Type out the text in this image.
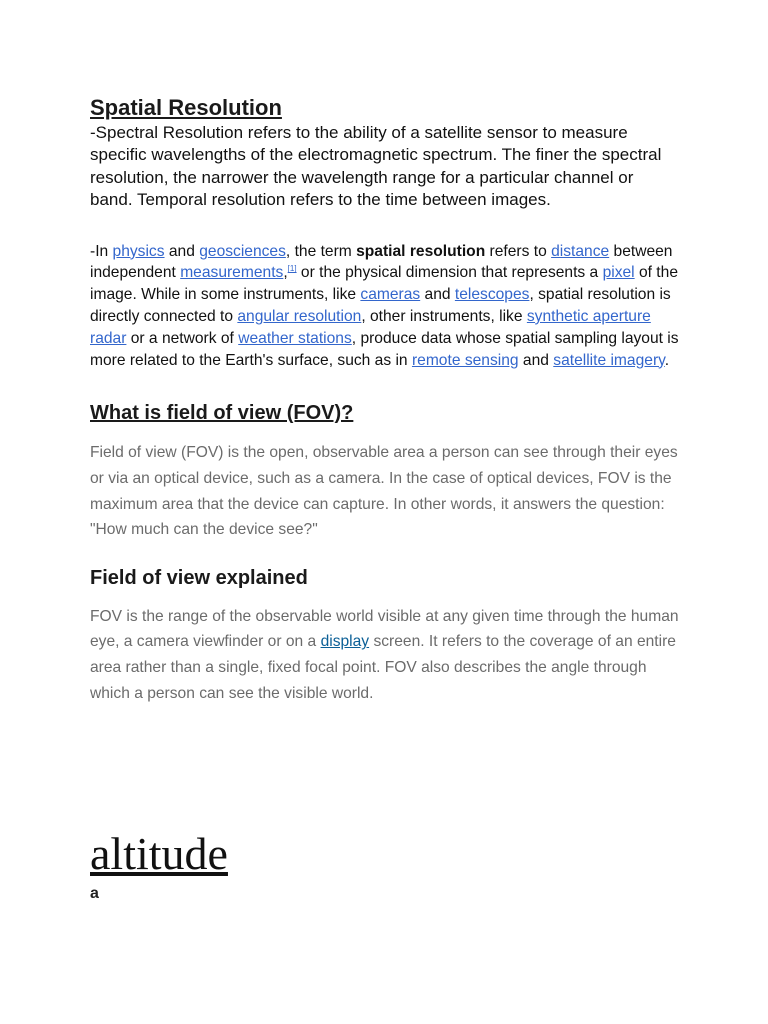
Spatial Resolution

-Spectral Resolution refers to the ability of a satellite sensor to measure specific wavelengths of the electromagnetic spectrum. The finer the spectral resolution, the narrower the wavelength range for a particular channel or band. Temporal resolution refers to the time between images.

-In physics and geosciences, the term spatial resolution refers to distance between independent measurements,[1] or the physical dimension that represents a pixel of the image. While in some instruments, like cameras and telescopes, spatial resolution is directly connected to angular resolution, other instruments, like synthetic aperture radar or a network of weather stations, produce data whose spatial sampling layout is more related to the Earth's surface, such as in remote sensing and satellite imagery.

What is field of view (FOV)?

Field of view (FOV) is the open, observable area a person can see through their eyes or via an optical device, such as a camera. In the case of optical devices, FOV is the maximum area that the device can capture. In other words, it answers the question: "How much can the device see?"

Field of view explained

FOV is the range of the observable world visible at any given time through the human eye, a camera viewfinder or on a display screen. It refers to the coverage of an entire area rather than a single, fixed focal point. FOV also describes the angle through which a person can see the visible world.

altitude
a
